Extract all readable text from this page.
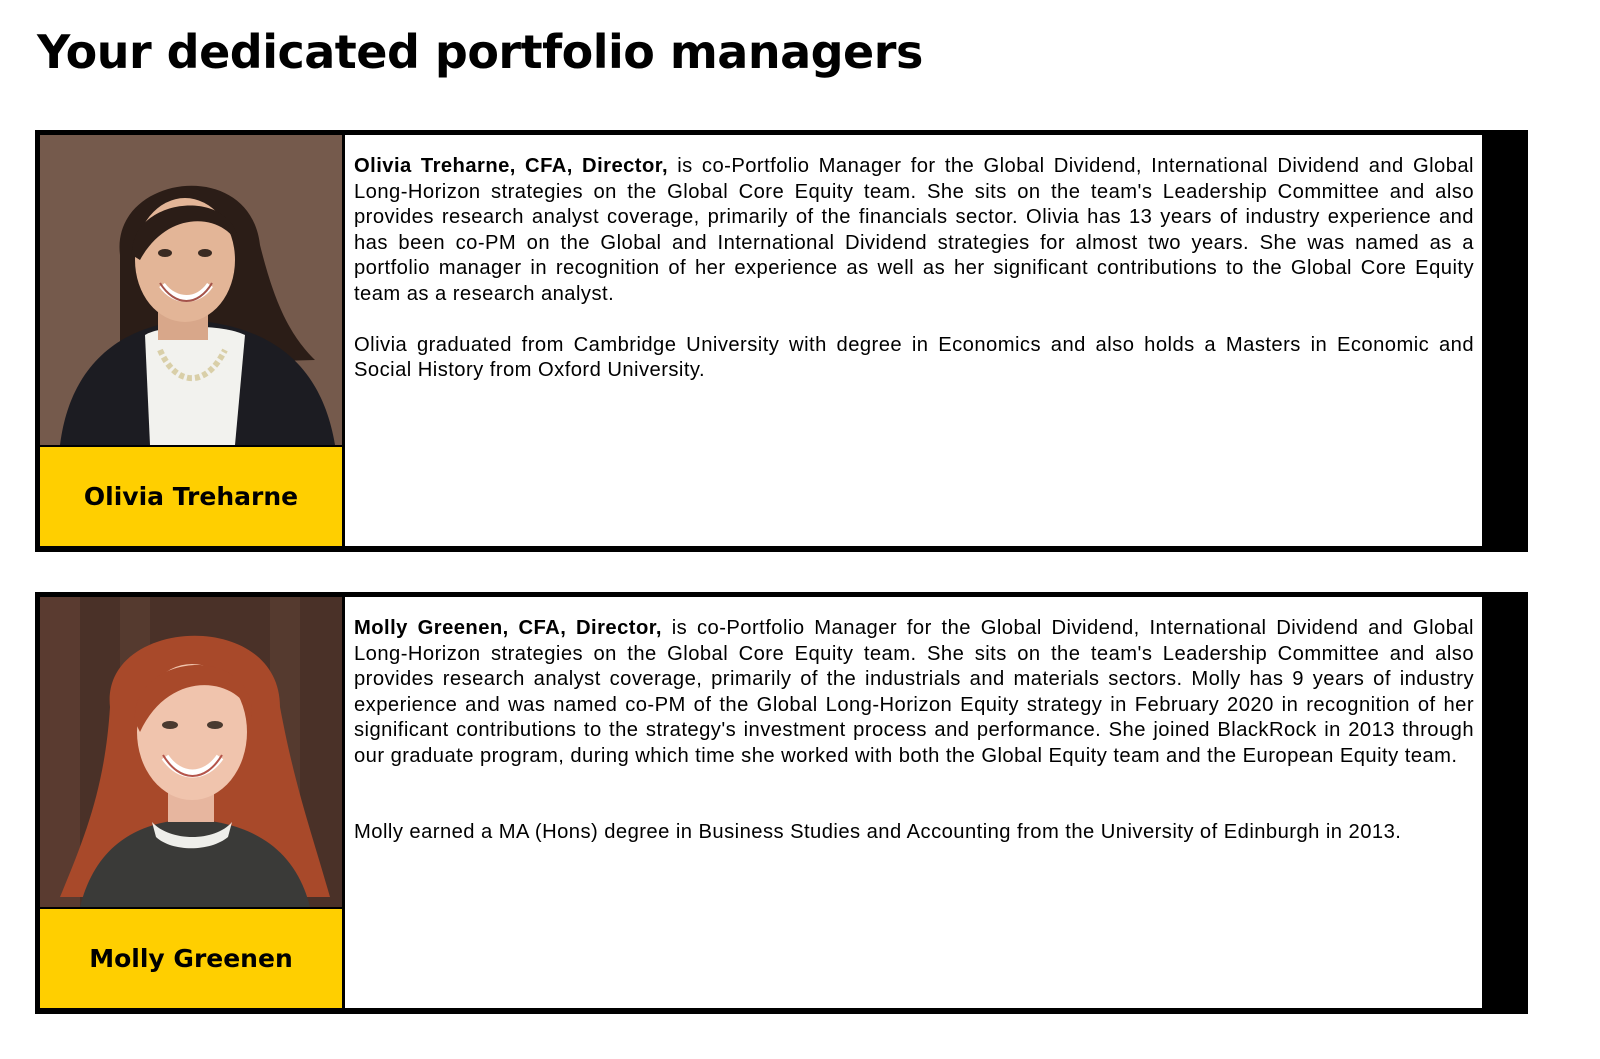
Your dedicated portfolio managers
Olivia Treharne

Olivia Treharne, CFA, Director, is co-Portfolio Manager for the Global Dividend, International Dividend and Global Long-Horizon strategies on the Global Core Equity team. She sits on the team's Leadership Committee and also provides research analyst coverage, primarily of the financials sector. Olivia has 13 years of industry experience and has been co-PM on the Global and International Dividend strategies for almost two years. She was named as a portfolio manager in recognition of her experience as well as her significant contributions to the Global Core Equity team as a research analyst.

Olivia graduated from Cambridge University with degree in Economics and also holds a Masters in Economic and Social History from Oxford University.

Molly Greenen

Molly Greenen, CFA, Director, is co-Portfolio Manager for the Global Dividend, International Dividend and Global Long-Horizon strategies on the Global Core Equity team. She sits on the team's Leadership Committee and also provides research analyst coverage, primarily of the industrials and materials sectors. Molly has 9 years of industry experience and was named co-PM of the Global Long-Horizon Equity strategy in February 2020 in recognition of her significant contributions to the strategy's investment process and performance. She joined BlackRock in 2013 through our graduate program, during which time she worked with both the Global Equity team and the European Equity team.

Molly earned a MA (Hons) degree in Business Studies and Accounting from the University of Edinburgh in 2013.
